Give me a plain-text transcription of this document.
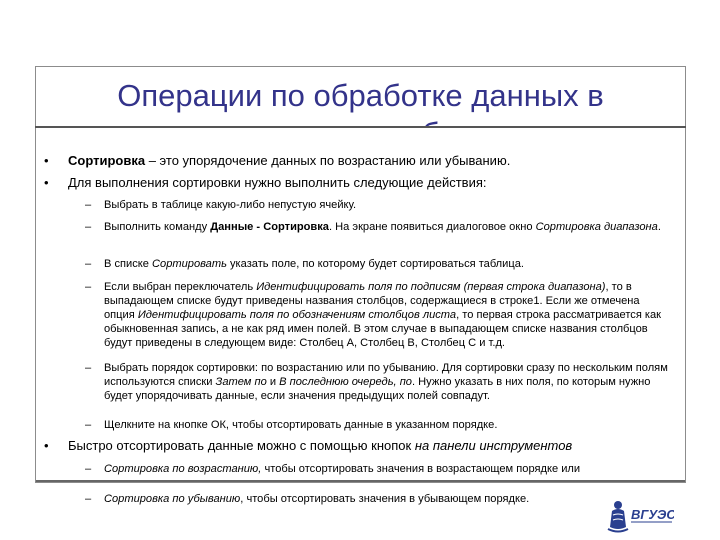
Операции по обработке данных в
• Сортировка – это упорядочение данных по возрастанию или убыванию.
• Для выполнения сортировки нужно выполнить следующие действия:
– Выбрать в таблице какую-либо непустую ячейку.
– Выполнить команду Данные - Сортировка. На экране появиться диалоговое окно Сортировка диапазона.
– В списке Сортировать указать поле, по которому будет сортироваться таблица.
– Если выбран переключатель Идентифицировать поля по подписям (первая строка диапазона), то в выпадающем списке будут приведены названия столбцов, содержащиеся в строке1. Если же отмечена опция Идентифицировать поля по обозначениям столбцов листа, то первая строка рассматривается как обыкновенная запись, а не как ряд имен полей. В этом случае в выпадающем списке названия столбцов будут приведены в следующем виде: Столбец А, Столбец В, Столбец С и т.д.
– Выбрать порядок сортировки: по возрастанию или по убыванию. Для сортировки сразу по нескольким полям используются списки Затем по и В последнюю очередь, по. Нужно указать в них поля, по которым нужно будет упорядочивать данные, если значения предыдущих полей совпадут.
– Щелкните на кнопке ОК, чтобы отсортировать данные в указанном порядке.
• Быстро отсортировать данные можно с помощью кнопок на панели инструментов
– Сортировка по возрастанию, чтобы отсортировать значения в возрастающем порядке или
– Сортировка по убыванию, чтобы отсортировать значения в убывающем порядке.
ВГУЭС
